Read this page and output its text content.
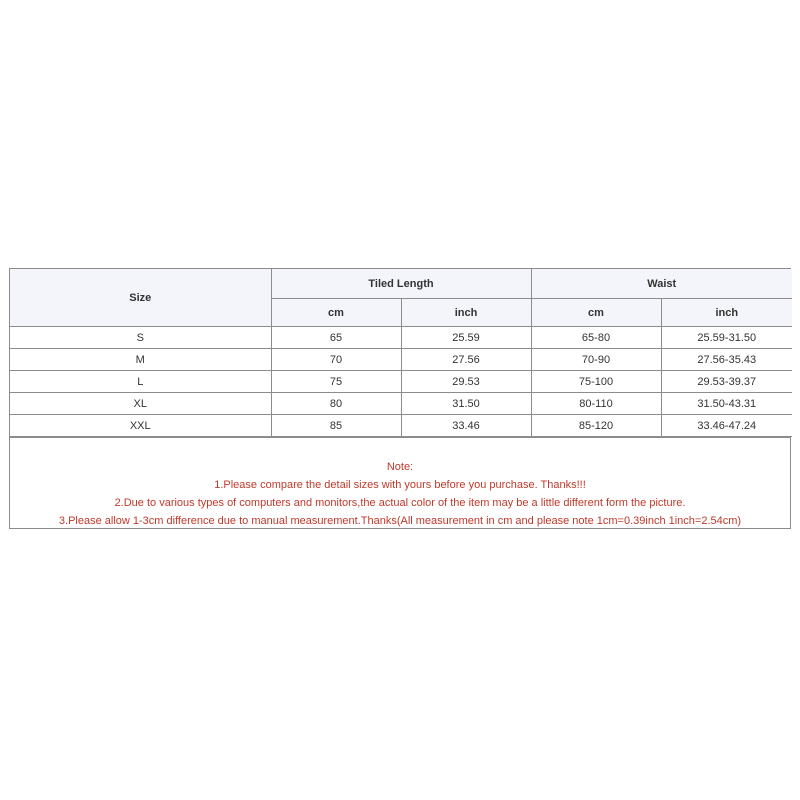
Size	Tiled Length		Waist	
	cm	inch	cm	inch
S	65	25.59	65-80	25.59-31.50
M	70	27.56	70-90	27.56-35.43
L	75	29.53	75-100	29.53-39.37
XL	80	31.50	80-110	31.50-43.31
XXL	85	33.46	85-120	33.46-47.24
Note:
1.Please compare the detail sizes with yours before you purchase. Thanks!!!
2.Due to various types of computers and monitors,the actual color of the item may be a little different form the picture.
3.Please allow 1-3cm difference due to manual measurement.Thanks(All measurement in cm and please note 1cm=0.39inch 1inch=2.54cm)
